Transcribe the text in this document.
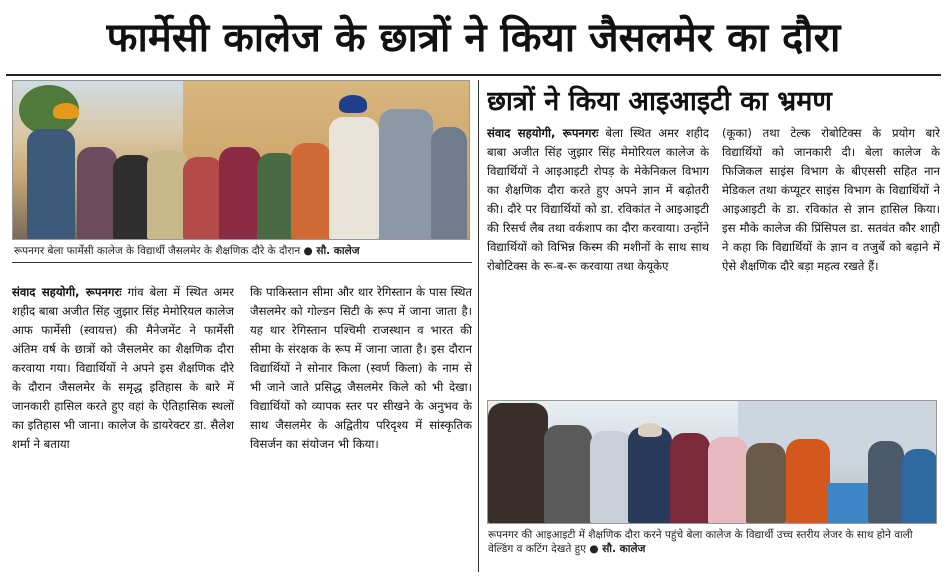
फार्मेसी कालेज के छात्रों ने किया जैसलमेर का दौरा
रूपनगर बेला फार्मेसी कालेज के विद्यार्थी जैसलमेर के शैक्षणिक दौरे के दौरान ● सौ. कालेज

संवाद सहयोगी, रूपनगरः गांव बेला में स्थित अमर शहीद बाबा अजीत सिंह जुझार सिंह मेमोरियल कालेज आफ फार्मेसी (स्वायत्त) की मैनेजमेंट ने फार्मेसी अंतिम वर्ष के छात्रों को जैसलमेर का शैक्षणिक दौरा करवाया गया। विद्यार्थियों ने अपने इस शैक्षणिक दौरे के दौरान जैसलमेर के समृद्ध इतिहास के बारे में जानकारी हासिल करते हुए वहां के ऐतिहासिक स्थलों का इतिहास भी जाना। कालेज के डायरेक्टर डा. सैलेश शर्मा ने बताया

कि पाकिस्तान सीमा और थार रेगिस्तान के पास स्थित जैसलमेर को गोल्डन सिटी के रूप में जाना जाता है। यह थार रेगिस्तान पश्चिमी राजस्थान व भारत की सीमा के संरक्षक के रूप में जाना जाता है। इस दौरान विद्यार्थियों ने सोनार किला (स्वर्ण किला) के नाम से भी जाने जाते प्रसिद्ध जैसलमेर किले को भी देखा। विद्यार्थियों को व्यापक स्तर पर सीखने के अनुभव के साथ जैसलमेर के अद्वितीय परिदृश्य में सांस्कृतिक विसर्जन का संयोजन भी किया।

छात्रों ने किया आइआइटी का भ्रमण

संवाद सहयोगी, रूपनगरः बेला स्थित अमर शहीद बाबा अजीत सिंह जुझार सिंह मेमोरियल कालेज के विद्यार्थियों ने आइआइटी रोपड़ के मेकेनिकल विभाग का शैक्षणिक दौरा करते हुए अपने ज्ञान में बढ़ोतरी की। दौरे पर विद्यार्थियों को डा. रविकांत ने आइआइटी की रिसर्च लैब तथा वर्कशाप का दौरा करवाया। उन्होंने विद्यार्थियों को विभिन्न किस्म की मशीनों के साथ साथ रोबोटिक्स के रू-ब-रू करवाया तथा केयूकेए

(कूका) तथा टेल्क रोबोटिक्स के प्रयोग बारे विद्यार्थियों को जानकारी दी। बेला कालेज के फिजिकल साइंस विभाग के बीएससी सहित नान मेडिकल तथा कंप्यूटर साइंस विभाग के विद्यार्थियों ने आइआइटी के डा. रविकांत से ज्ञान हासिल किया। इस मौके कालेज की प्रिंसिपल डा. सतवंत कौर शाही ने कहा कि विद्यार्थियों के ज्ञान व तजुर्बे को बढ़ाने में ऐसे शैक्षणिक दौरे बड़ा महत्व रखते हैं।

रूपनगर की आइआइटी में शैक्षणिक दौरा करने पहुंचे बेला कालेज के विद्यार्थी उच्च स्तरीय लेजर के साथ होने वाली वेल्डिंग व कटिंग देखते हुए ● सौ. कालेज
